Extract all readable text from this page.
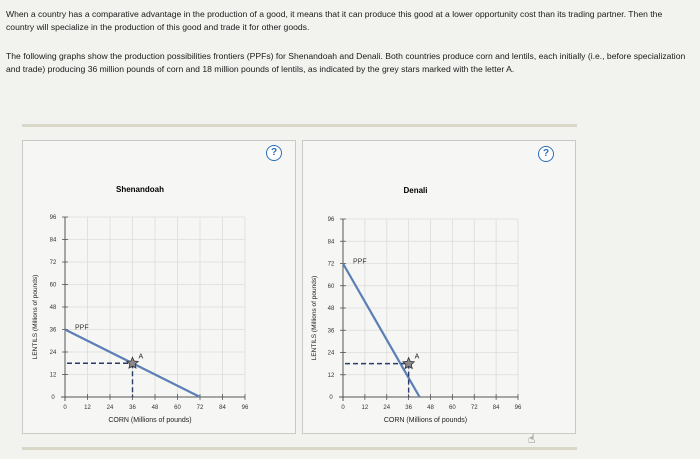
When a country has a comparative advantage in the production of a good, it means that it can produce this good at a lower opportunity cost than its trading partner. Then the country will specialize in the production of this good and trade it for other goods.

The following graphs show the production possibilities frontiers (PPFs) for Shenandoah and Denali. Both countries produce corn and lentils, each initially (i.e., before specialization and trade) producing 36 million pounds of corn and 18 million pounds of lentils, as indicated by the grey stars marked with the letter A.

?	?
Shenandoah
0	12	24	36	48	60	72	84	96
0
12
24
36
48
60
72
84
96
CORN (Millions of pounds)
LENTILS (Millions of pounds)	PPF
A
Denali
0	12	24	36	48	60	72	84	96
0
12
24
36
48
60
72
84
96
CORN (Millions of pounds)
LENTILS (Millions of pounds)
PPF
A
☝
